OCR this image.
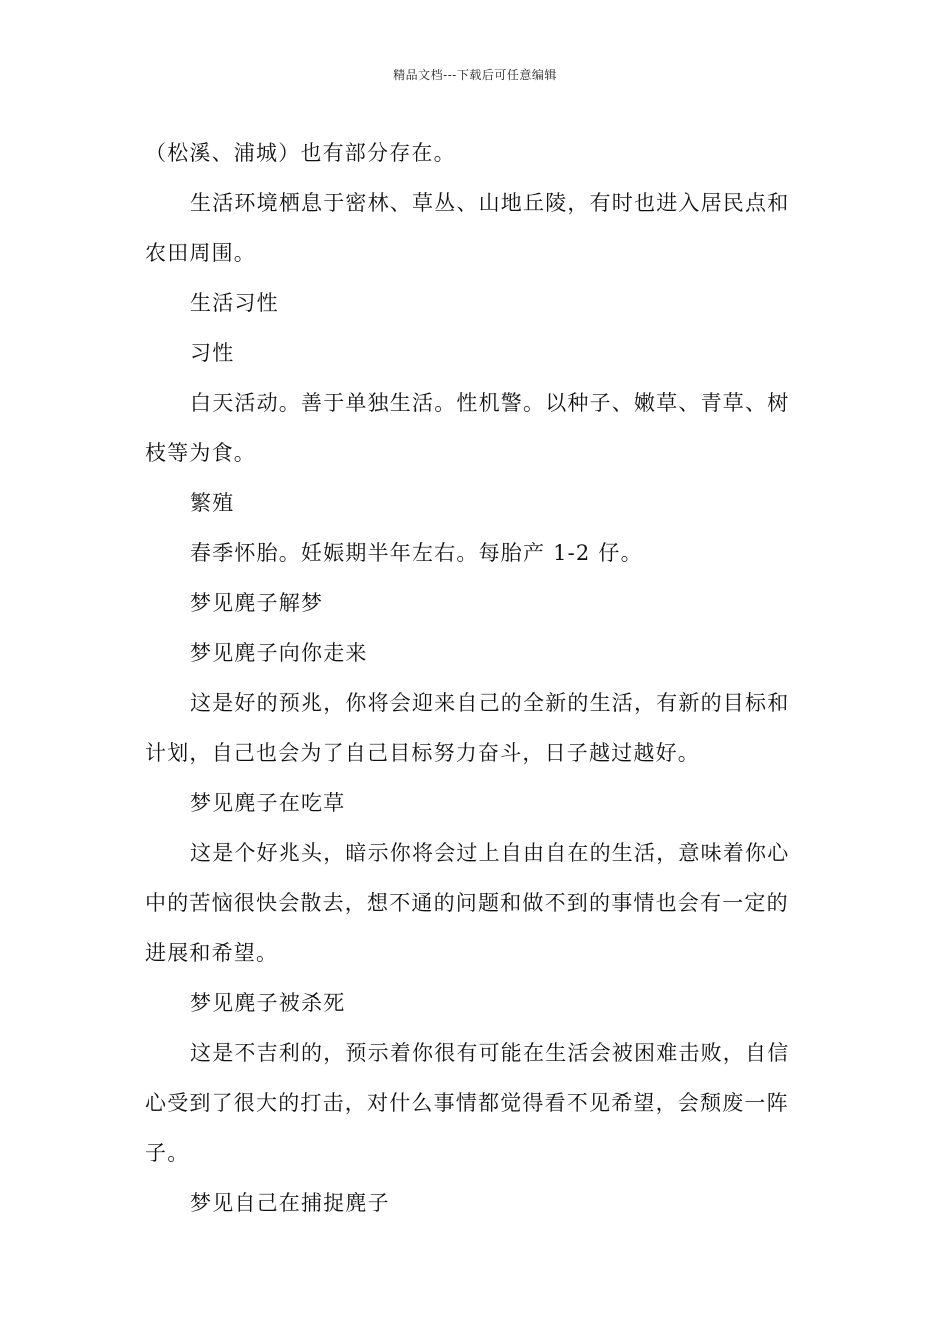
精品文档---下载后可任意编辑
（松溪、浦城）也有部分存在。
生活环境栖息于密林、草丛、山地丘陵，有时也进入居民点和
农田周围。
生活习性
习性
白天活动。善于单独生活。性机警。以种子、嫩草、青草、树
枝等为食。
繁殖
春季怀胎。妊娠期半年左右。每胎产 1-2 仔。
梦见麂子解梦
梦见麂子向你走来
这是好的预兆，你将会迎来自己的全新的生活，有新的目标和
计划，自己也会为了自己目标努力奋斗，日子越过越好。
梦见麂子在吃草
这是个好兆头，暗示你将会过上自由自在的生活，意味着你心
中的苦恼很快会散去，想不通的问题和做不到的事情也会有一定的
进展和希望。
梦见麂子被杀死
这是不吉利的，预示着你很有可能在生活会被困难击败，自信
心受到了很大的打击，对什么事情都觉得看不见希望，会颓废一阵
子。
梦见自己在捕捉麂子
